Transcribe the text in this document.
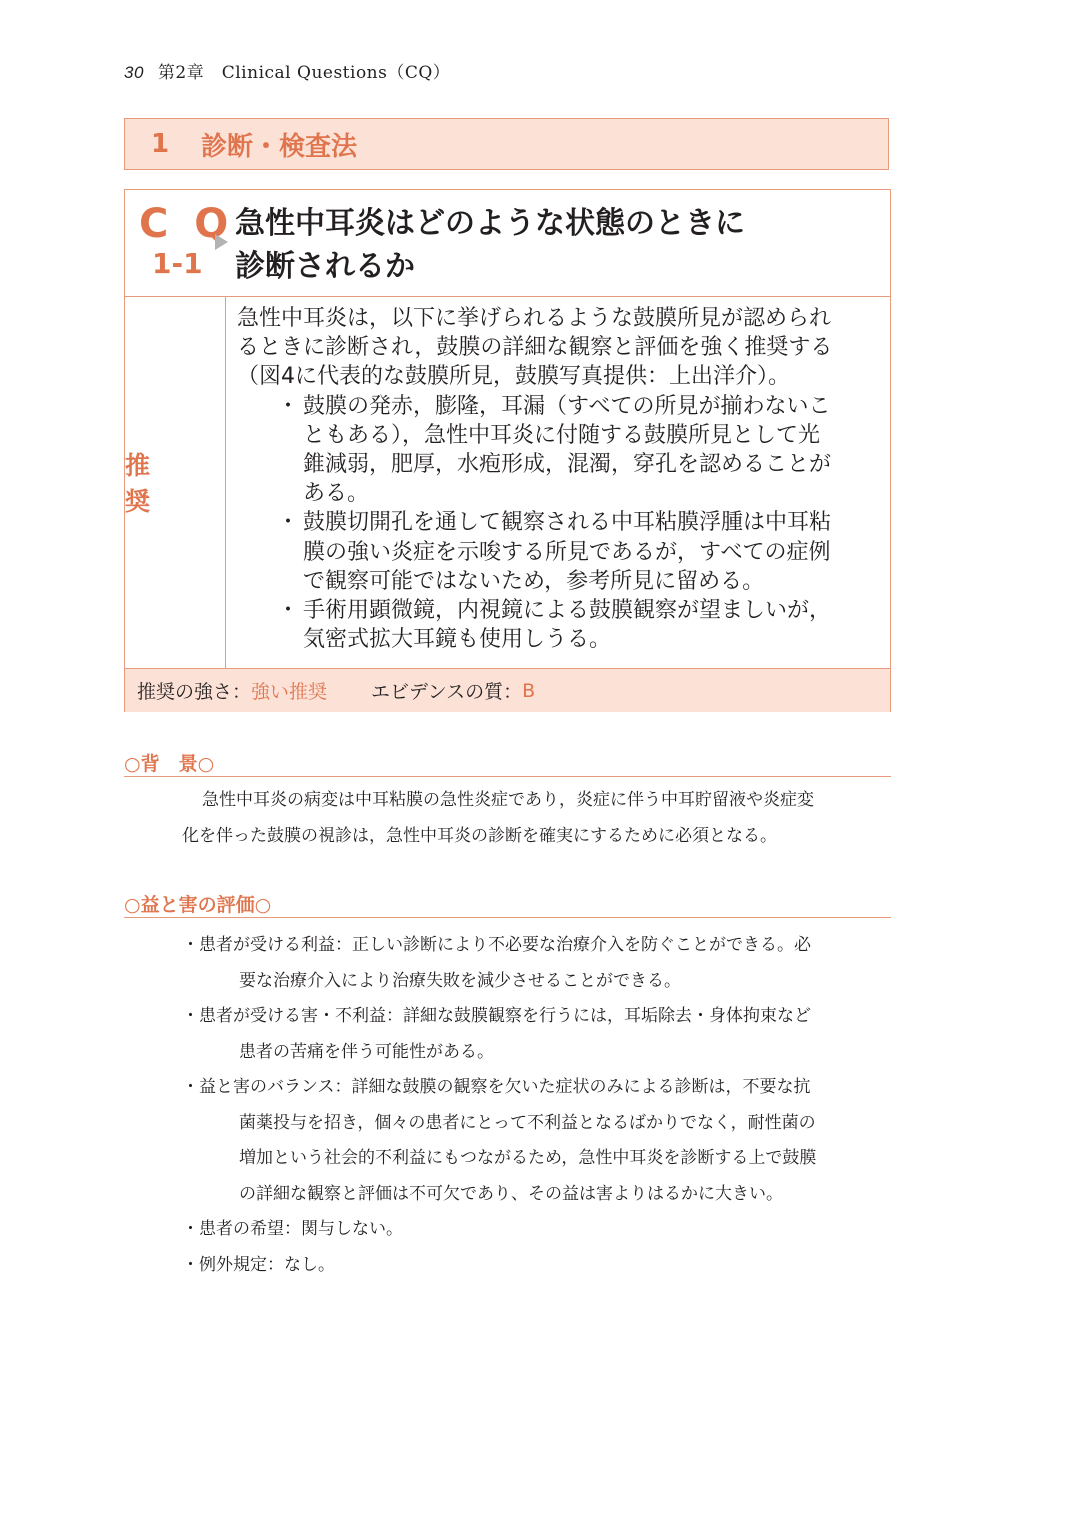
30 第2章　Clinical Questions（CQ）
1	診断・検査法
C Q
1-1
急性中耳炎はどのような状態のときに
診断されるか
推　奨

急性中耳炎は，以下に挙げられるような鼓膜所見が認められ

るときに診断され，鼓膜の詳細な観察と評価を強く推奨する

（図4に代表的な鼓膜所見，鼓膜写真提供：上出洋介）。

・ 鼓膜の発赤，膨隆，耳漏（すべての所見が揃わないこ
ともある），急性中耳炎に付随する鼓膜所見として光
錐減弱，肥厚，水疱形成，混濁，穿孔を認めることが
ある。
・ 鼓膜切開孔を通して観察される中耳粘膜浮腫は中耳粘
膜の強い炎症を示唆する所見であるが，すべての症例
で観察可能ではないため，参考所見に留める。
・ 手術用顕微鏡，内視鏡による鼓膜観察が望ましいが，
気密式拡大耳鏡も使用しうる。
推奨の強さ： 強い推奨 エビデンスの質： B
○背　景○
急性中耳炎の病変は中耳粘膜の急性炎症であり，炎症に伴う中耳貯留液や炎症変
化を伴った鼓膜の視診は，急性中耳炎の診断を確実にするために必須となる。
○益と害の評価○
・患者が受ける利益：正しい診断により不必要な治療介入を防ぐことができる。必
要な治療介入により治療失敗を減少させることができる。
・患者が受ける害・不利益：詳細な鼓膜観察を行うには，耳垢除去・身体拘束など
患者の苦痛を伴う可能性がある。
・益と害のバランス：詳細な鼓膜の観察を欠いた症状のみによる診断は，不要な抗
菌薬投与を招き，個々の患者にとって不利益となるばかりでなく，耐性菌の
増加という社会的不利益にもつながるため，急性中耳炎を診断する上で鼓膜
の詳細な観察と評価は不可欠であり、その益は害よりはるかに大きい。
・患者の希望：関与しない。
・例外規定：なし。
